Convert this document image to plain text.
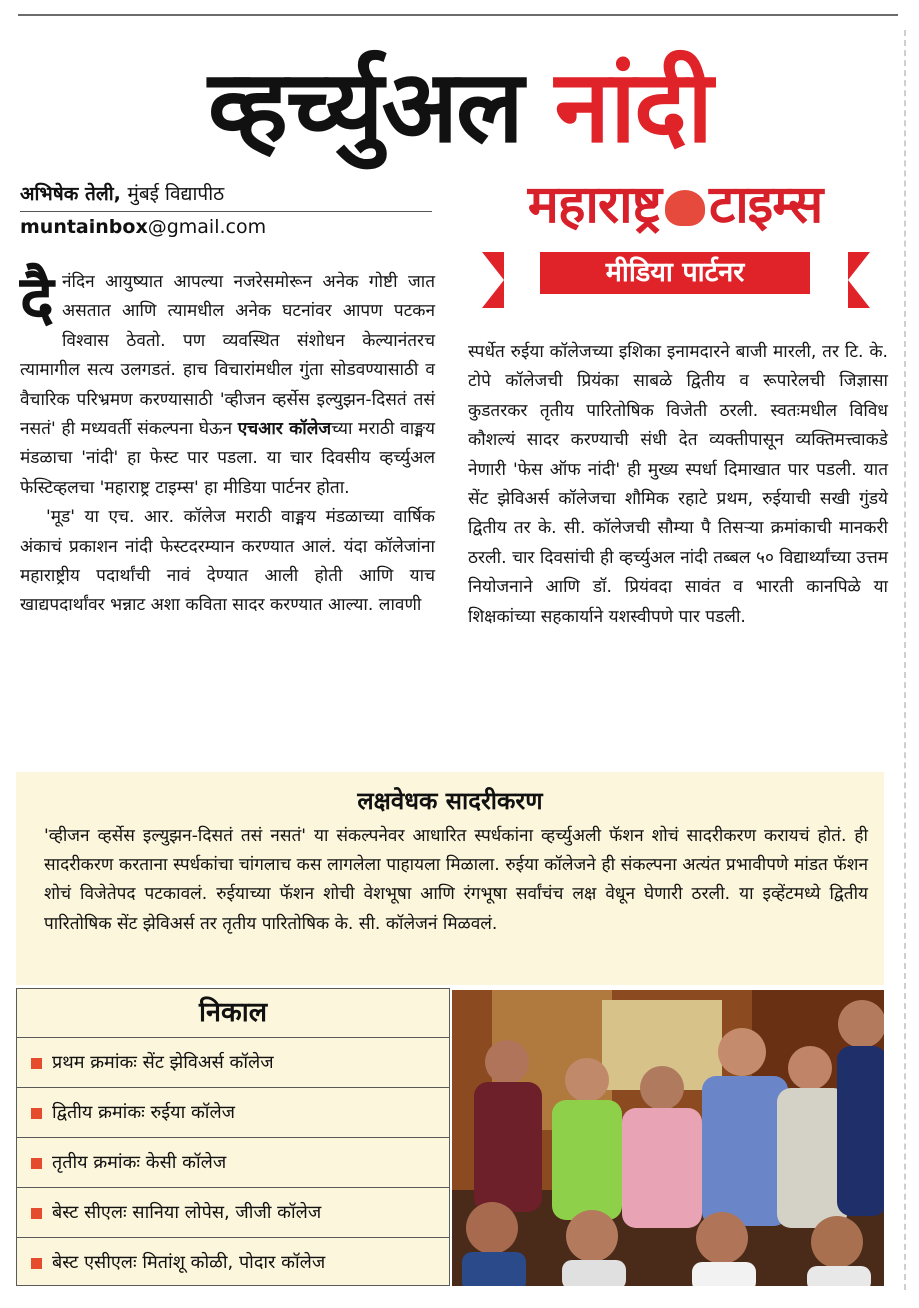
व्हर्च्युअल नांदी
अभिषेक तेली, मुंबई विद्यापीठ
muntainbox@gmail.com	महाराष्ट्र टाइम्स
मीडिया पार्टनर

दैनंदिन आयुष्यात आपल्या नजरेसमोरून अनेक गोष्टी जात असतात आणि त्यामधील अनेक घटनांवर आपण पटकन विश्वास ठेवतो. पण व्यवस्थित संशोधन केल्यानंतरच त्यामागील सत्य उलगडतं. हाच विचारांमधील गुंता सोडवण्यासाठी व वैचारिक परिभ्रमण करण्यासाठी 'व्हीजन व्हर्सेस इल्युझन-दिसतं तसं नसतं' ही मध्यवर्ती संकल्पना घेऊन एचआर कॉलेजच्या मराठी वाङ्मय मंडळाचा 'नांदी' हा फेस्ट पार पडला. या चार दिवसीय व्हर्च्युअल फेस्टिव्हलचा 'महाराष्ट्र टाइम्स' हा मीडिया पार्टनर होता.

'मूड' या एच. आर. कॉलेज मराठी वाङ्मय मंडळाच्या वार्षिक अंकाचं प्रकाशन नांदी फेस्टदरम्यान करण्यात आलं. यंदा कॉलेजांना महाराष्ट्रीय पदार्थांची नावं देण्यात आली होती आणि याच खाद्यपदार्थांवर भन्नाट अशा कविता सादर करण्यात आल्या. लावणी

स्पर्धेत रुईया कॉलेजच्या इशिका इनामदारने बाजी मारली, तर टि. के. टोपे कॉलेजची प्रियंका साबळे द्वितीय व रूपारेलची जिज्ञासा कुडतरकर तृतीय पारितोषिक विजेती ठरली. स्वतःमधील विविध कौशल्यं सादर करण्याची संधी देत व्यक्तीपासून व्यक्तिमत्त्वाकडे नेणारी 'फेस ऑफ नांदी' ही मुख्य स्पर्धा दिमाखात पार पडली. यात सेंट झेविअर्स कॉलेजचा शौमिक रहाटे प्रथम, रुईयाची सखी गुंडये द्वितीय तर के. सी. कॉलेजची सौम्या पै तिसऱ्या क्रमांकाची मानकरी ठरली. चार दिवसांची ही व्हर्च्युअल नांदी तब्बल ५० विद्यार्थ्यांच्या उत्तम नियोजनाने आणि डॉ. प्रियंवदा सावंत व भारती कानपिळे या शिक्षकांच्या सहकार्याने यशस्वीपणे पार पडली.

लक्षवेधक सादरीकरण

'व्हीजन व्हर्सेस इल्युझन-दिसतं तसं नसतं' या संकल्पनेवर आधारित स्पर्धकांना व्हर्च्युअली फॅशन शोचं सादरीकरण करायचं होतं. ही सादरीकरण करताना स्पर्धकांचा चांगलाच कस लागलेला पाहायला मिळाला. रुईया कॉलेजने ही संकल्पना अत्यंत प्रभावीपणे मांडत फॅशन शोचं विजेतेपद पटकावलं. रुईयाच्या फॅशन शोची वेशभूषा आणि रंगभूषा सर्वांचंच लक्ष वेधून घेणारी ठरली. या इव्हेंटमध्ये द्वितीय पारितोषिक सेंट झेविअर्स तर तृतीय पारितोषिक के. सी. कॉलेजनं मिळवलं.

निकाल
प्रथम क्रमांकः सेंट झेविअर्स कॉलेज
द्वितीय क्रमांकः रुईया कॉलेज
तृतीय क्रमांकः केसी कॉलेज
बेस्ट सीएलः सानिया लोपेस, जीजी कॉलेज
बेस्ट एसीएलः मितांशू कोळी, पोदार कॉलेज
